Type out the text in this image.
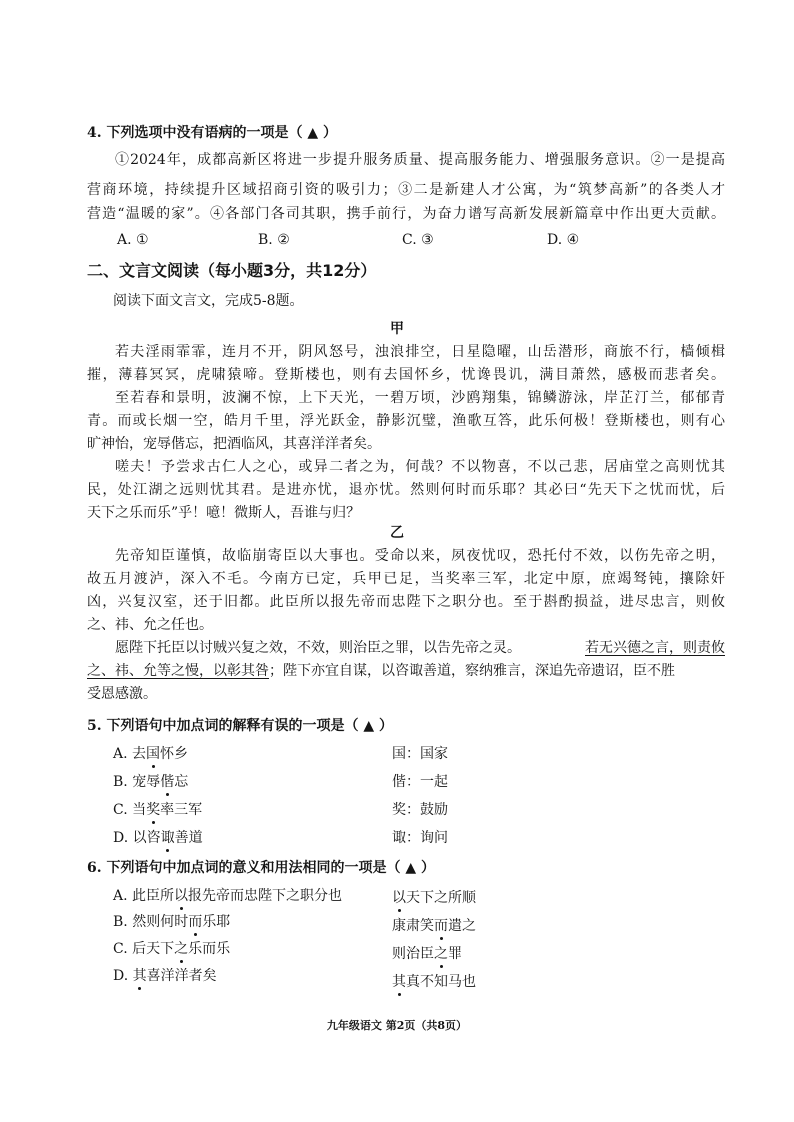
4. 下列选项中没有语病的一项是（ ▲ ）
①2024年，成都高新区将进一步提升服务质量、提高服务能力、增强服务意识。②一是提高
营商环境，持续提升区域招商引资的吸引力；③二是新建人才公寓，为“筑梦高新”的各类人才
营造“温暖的家”。④各部门各司其职，携手前行，为奋力谱写高新发展新篇章中作出更大贡献。
A. ①	B. ②	C. ③	D. ④
二、文言文阅读（每小题3分，共12分）
阅读下面文言文，完成5-8题。
甲
若夫淫雨霏霏，连月不开，阴风怒号，浊浪排空，日星隐曜，山岳潜形，商旅不行，樯倾楫
摧，薄暮冥冥，虎啸猿啼。登斯楼也，则有去国怀乡，忧谗畏讥，满目萧然，感极而悲者矣。
至若春和景明，波澜不惊，上下天光，一碧万顷，沙鸥翔集，锦鳞游泳，岸芷汀兰，郁郁青
青。而或长烟一空，皓月千里，浮光跃金，静影沉璧，渔歌互答，此乐何极！登斯楼也，则有心
旷神怡，宠辱偕忘，把酒临风，其喜洋洋者矣。
嗟夫！予尝求古仁人之心，或异二者之为，何哉？不以物喜，不以己悲，居庙堂之高则忧其
民，处江湖之远则忧其君。是进亦忧，退亦忧。然则何时而乐耶？其必曰“先天下之忧而忧，后
天下之乐而乐”乎！噫！微斯人，吾谁与归？
乙
先帝知臣谨慎，故临崩寄臣以大事也。受命以来，夙夜忧叹，恐托付不效，以伤先帝之明，
故五月渡泸，深入不毛。今南方已定，兵甲已足，当奖率三军，北定中原，庶竭驽钝，攘除奸
凶，兴复汉室，还于旧都。此臣所以报先帝而忠陛下之职分也。至于斟酌损益，进尽忠言，则攸
之、祎、允之任也。
愿陛下托臣以讨贼兴复之效，不效，则治臣之罪，以告先帝之灵。	若无兴德之言，则责攸
之、祎、允等之慢，以彰其咎；陛下亦宜自谋，以咨诹善道，察纳雅言，深追先帝遗诏，臣不胜
受恩感激。
5. 下列语句中加点词的解释有误的一项是（ ▲ ）
A. 去国怀乡	国：国家
B. 宠辱偕忘	偕：一起
C. 当奖率三军	奖：鼓励
D. 以咨诹善道	诹：询问
6. 下列语句中加点词的意义和用法相同的一项是（ ▲ ）
A. 此臣所以报先帝而忠陛下之职分也	以天下之所顺
B. 然则何时而乐耶	康肃笑而遣之
C. 后天下之乐而乐	则治臣之罪
D. 其喜洋洋者矣	其真不知马也
九年级语文 第2页（共8页）
